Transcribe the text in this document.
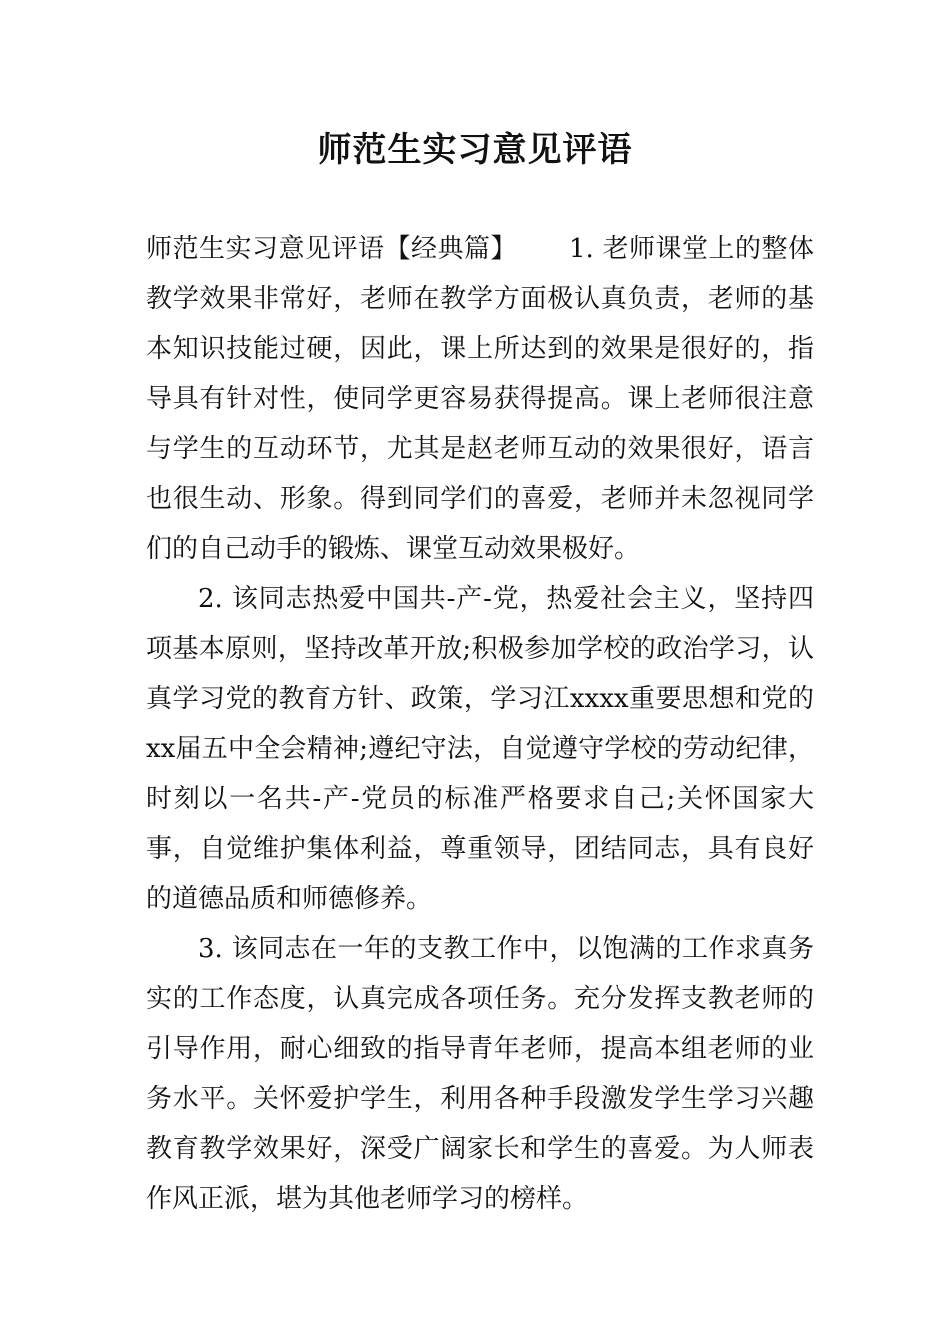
师范生实习意见评语

师范生实习意见评语【经典篇】 1. 老师课堂上的整体教学效果非常好，老师在教学方面极认真负责，老师的基本知识技能过硬，因此，课上所达到的效果是很好的，指导具有针对性，使同学更容易获得提高。课上老师很注意与学生的互动环节，尤其是赵老师互动的效果很好，语言也很生动、形象。得到同学们的喜爱，老师并未忽视同学们的自己动手的锻炼、课堂互动效果极好。

2. 该同志热爱中国共-产-党，热爱社会主义，坚持四项基本原则，坚持改革开放;积极参加学校的政治学习，认真学习党的教育方针、政策，学习江xxxx重要思想和党的xx届五中全会精神;遵纪守法，自觉遵守学校的劳动纪律，时刻以一名共-产-党员的标准严格要求自己;关怀国家大事，自觉维护集体利益，尊重领导，团结同志，具有良好的道德品质和师德修养。

3. 该同志在一年的支教工作中，以饱满的工作求真务实的工作态度，认真完成各项任务。充分发挥支教老师的引导作用，耐心细致的指导青年老师，提高本组老师的业务水平。关怀爱护学生，利用各种手段激发学生学习兴趣教育教学效果好，深受广阔家长和学生的喜爱。为人师表作风正派，堪为其他老师学习的榜样。
